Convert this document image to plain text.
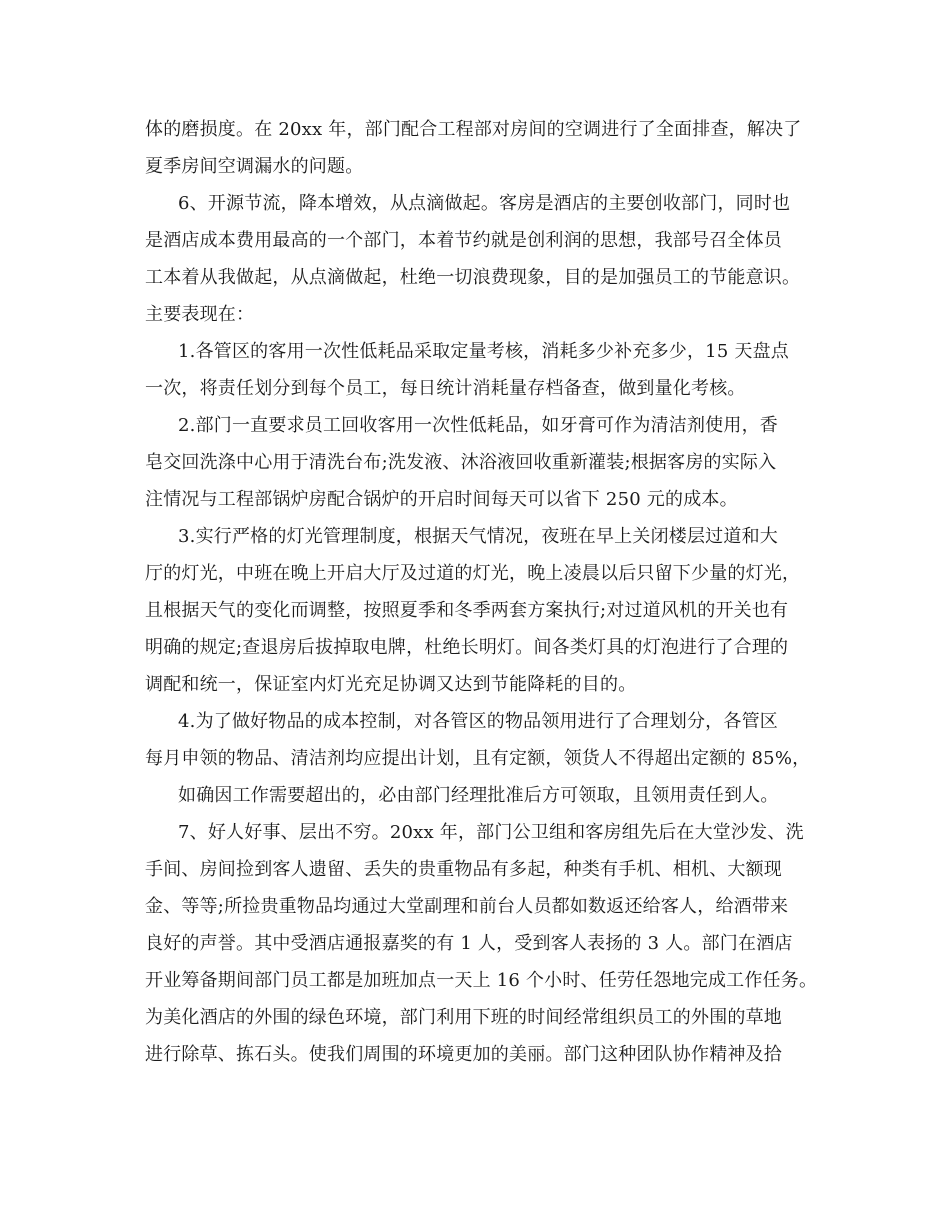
体的磨损度。在 20xx 年，部门配合工程部对房间的空调进行了全面排查，解决了
夏季房间空调漏水的问题。
6、开源节流，降本增效，从点滴做起。客房是酒店的主要创收部门，同时也
是酒店成本费用最高的一个部门，本着节约就是创利润的思想，我部号召全体员
工本着从我做起，从点滴做起，杜绝一切浪费现象，目的是加强员工的节能意识。
主要表现在：
1.各管区的客用一次性低耗品采取定量考核，消耗多少补充多少，15 天盘点
一次，将责任划分到每个员工，每日统计消耗量存档备查，做到量化考核。
2.部门一直要求员工回收客用一次性低耗品，如牙膏可作为清洁剂使用，香
皂交回洗涤中心用于清洗台布;洗发液、沐浴液回收重新灌装;根据客房的实际入
注情况与工程部锅炉房配合锅炉的开启时间每天可以省下 250 元的成本。
3.实行严格的灯光管理制度，根据天气情况，夜班在早上关闭楼层过道和大
厅的灯光，中班在晚上开启大厅及过道的灯光，晚上凌晨以后只留下少量的灯光，
且根据天气的变化而调整，按照夏季和冬季两套方案执行;对过道风机的开关也有
明确的规定;查退房后拔掉取电牌，杜绝长明灯。间各类灯具的灯泡进行了合理的
调配和统一，保证室内灯光充足协调又达到节能降耗的目的。
4.为了做好物品的成本控制，对各管区的物品领用进行了合理划分，各管区
每月申领的物品、清洁剂均应提出计划，且有定额，领货人不得超出定额的 85%，
如确因工作需要超出的，必由部门经理批准后方可领取，且领用责任到人。
7、好人好事、层出不穷。20xx 年，部门公卫组和客房组先后在大堂沙发、洗
手间、房间捡到客人遗留、丢失的贵重物品有多起，种类有手机、相机、大额现
金、等等;所捡贵重物品均通过大堂副理和前台人员都如数返还给客人，给酒带来
良好的声誉。其中受酒店通报嘉奖的有 1 人，受到客人表扬的 3 人。部门在酒店
开业筹备期间部门员工都是加班加点一天上 16 个小时、任劳任怨地完成工作任务。
为美化酒店的外围的绿色环境，部门利用下班的时间经常组织员工的外围的草地
进行除草、拣石头。使我们周围的环境更加的美丽。部门这种团队协作精神及拾
